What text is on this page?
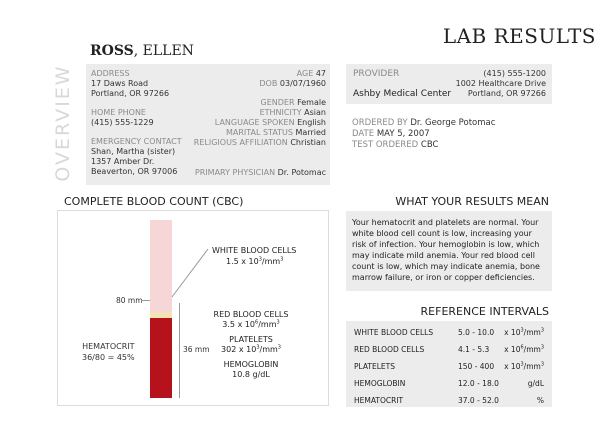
LAB RESULTS
ROSS, ELLEN
OVERVIEW ADDRESS
17 Daws Road
Portland, OR 97266
HOME PHONE
(415) 555-1229
EMERGENCY CONTACT
Shan, Martha (sister)
1357 Amber Dr.
Beaverton, OR 97006
AGE 47
DOB 03/07/1960
GENDER Female
ETHNICITY Asian
LANGUAGE SPOKEN English
MARITAL STATUS Married
RELIGIOUS AFFILIATION Christian
PRIMARY PHYSICIAN Dr. Potomac
PROVIDER
Ashby Medical Center
(415) 555-1200
1002 Healthcare Drive
Portland, OR 97266
ORDERED BY Dr. George Potomac
DATE MAY 5, 2007
TEST ORDERED CBC
COMPLETE BLOOD COUNT (CBC)
80 mm
36 mm
HEMATOCRIT
36/80 = 45%
WHITE BLOOD CELLS
1.5 x $10^3/mm^3$
RED BLOOD CELLS
3.5 x $10^6/mm^3$
PLATELETS
302 x $10^3/mm^3$
HEMOGLOBIN
10.8 g/dL
WHAT YOUR RESULTS MEAN
Your hematocrit and platelets are normal. Your white blood cell count is low, increasing your risk of infection. Your hemoglobin is low, which may indicate mild anemia. Your red blood cell count is low, which may indicate anemia, bone marrow failure, or iron or copper deficiencies.
REFERENCE INTERVALS
WHITE BLOOD CELLS	5.0 - 10.0 x $10^3/mm^3$
RED BLOOD CELLS	4.1 - 5.3 x $10^6/mm^3$
PLATELETS	150 - 400 x $10^3/mm^3$
HEMOGLOBIN	12.0 - 18.0	g/dL
HEMATOCRIT	37.0 - 52.0	%
